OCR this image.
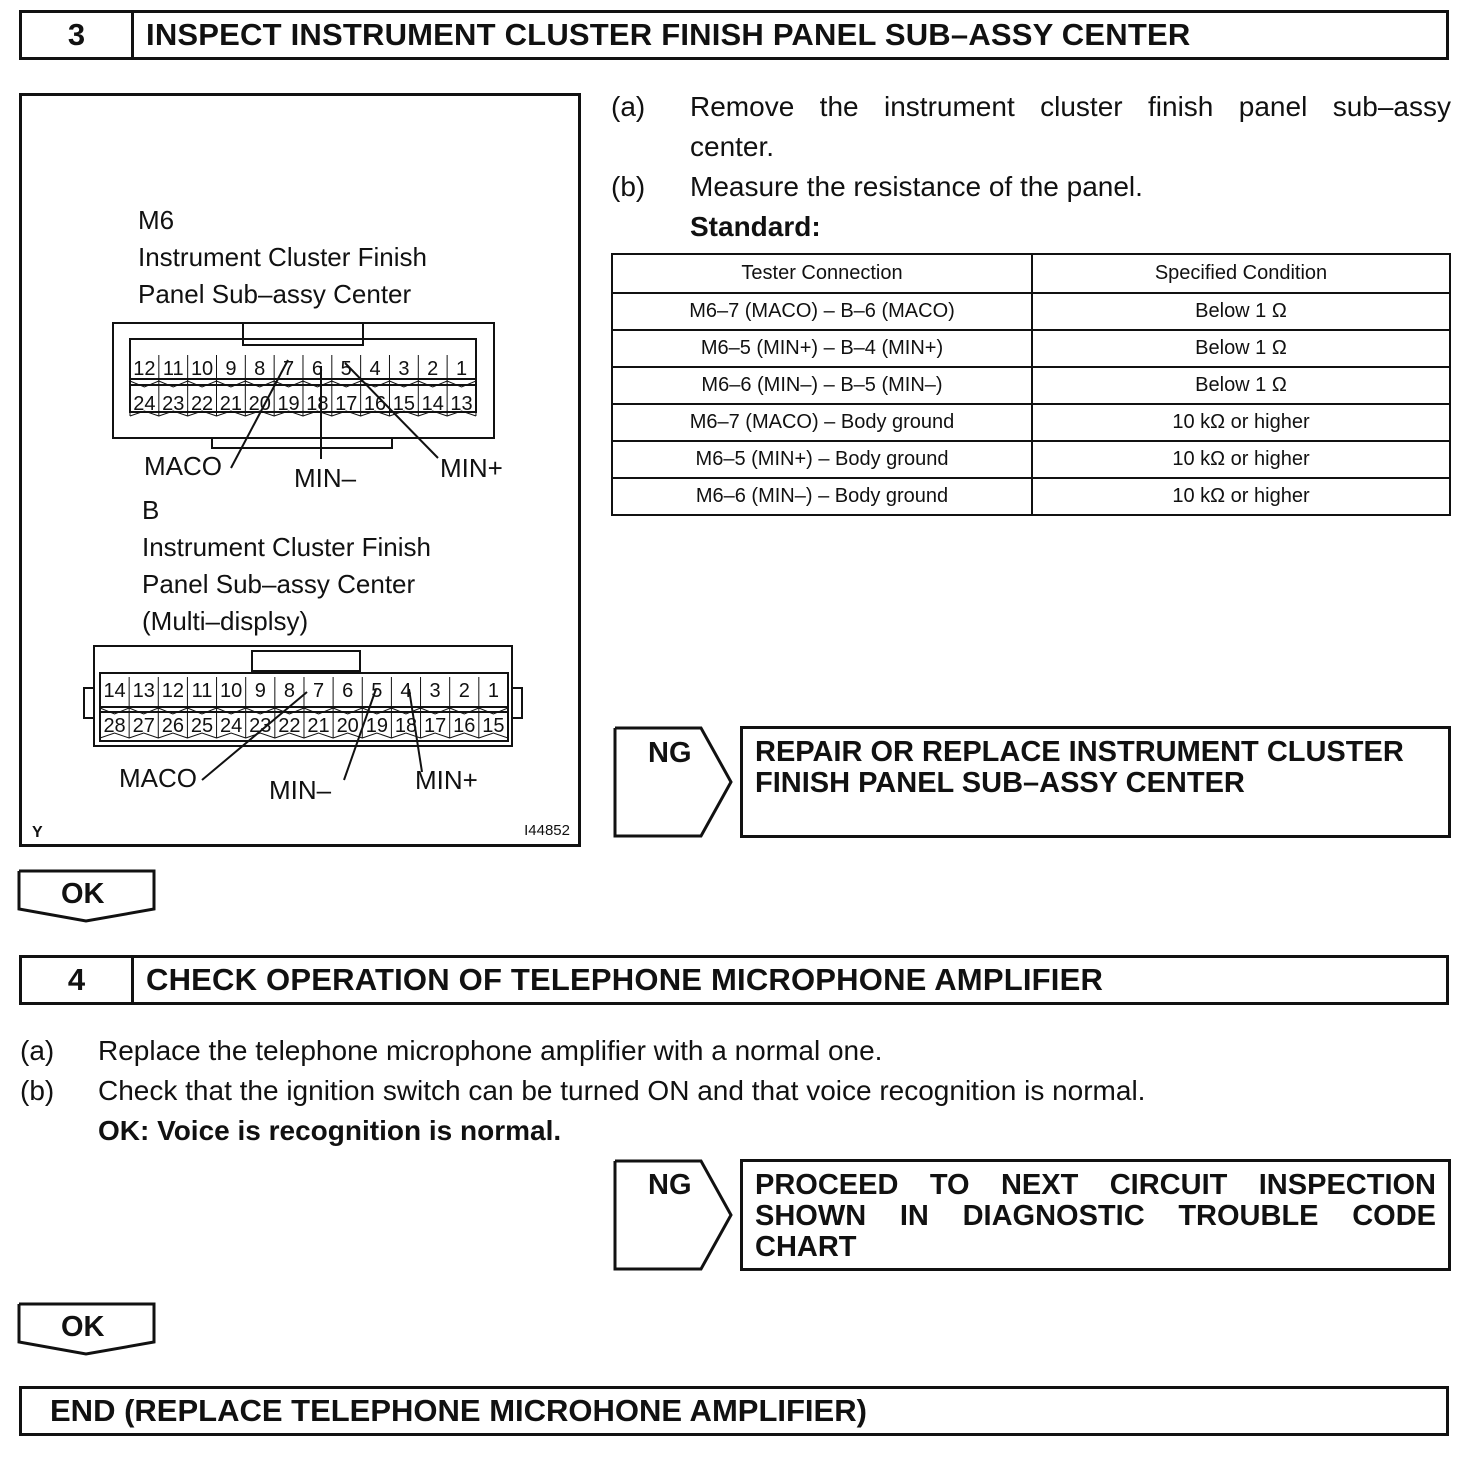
3	INSPECT INSTRUMENT CLUSTER FINISH PANEL SUB–ASSY CENTER
M6
Instrument Cluster Finish
Panel Sub–assy Center
12 11 10 9 8 7 6 5 4 3 2 1
24 23 22 21 20 19 18 17 16 15 14 13
14 13 12 11 10 9 8 7 6 5 4 3 2 1
28 27 26 25 24 23 22 21 20 19 18 17 16 15
MACO	MIN–	MIN+
B
Instrument Cluster Finish
Panel Sub–assy Center
(Multi–displsy)
MACO	MIN–	MIN+
Y	I44852
(a) Remove the instrument cluster finish panel sub–assy
center.
(b) Measure the resistance of the panel.
Standard:
Tester Connection	Specified Condition
M6–7 (MACO) – B–6 (MACO)	Below 1 Ω
M6–5 (MIN+) – B–4 (MIN+)	Below 1 Ω
M6–6 (MIN–) – B–5 (MIN–)	Below 1 Ω
M6–7 (MACO) – Body ground	10 kΩ or higher
M6–5 (MIN+) – Body ground	10 kΩ or higher
M6–6 (MIN–) – Body ground	10 kΩ or higher
NG	REPAIR OR REPLACE INSTRUMENT CLUSTER FINISH PANEL SUB–ASSY CENTER
OK
4	CHECK OPERATION OF TELEPHONE MICROPHONE AMPLIFIER
(a) Replace the telephone microphone amplifier with a normal one.
(b) Check that the ignition switch can be turned ON and that voice recognition is normal.
OK: Voice is recognition is normal.
NG	PROCEED TO NEXT CIRCUIT INSPECTION SHOWN IN DIAGNOSTIC TROUBLE CODE CHART
OK
END (REPLACE TELEPHONE MICROHONE AMPLIFIER)
